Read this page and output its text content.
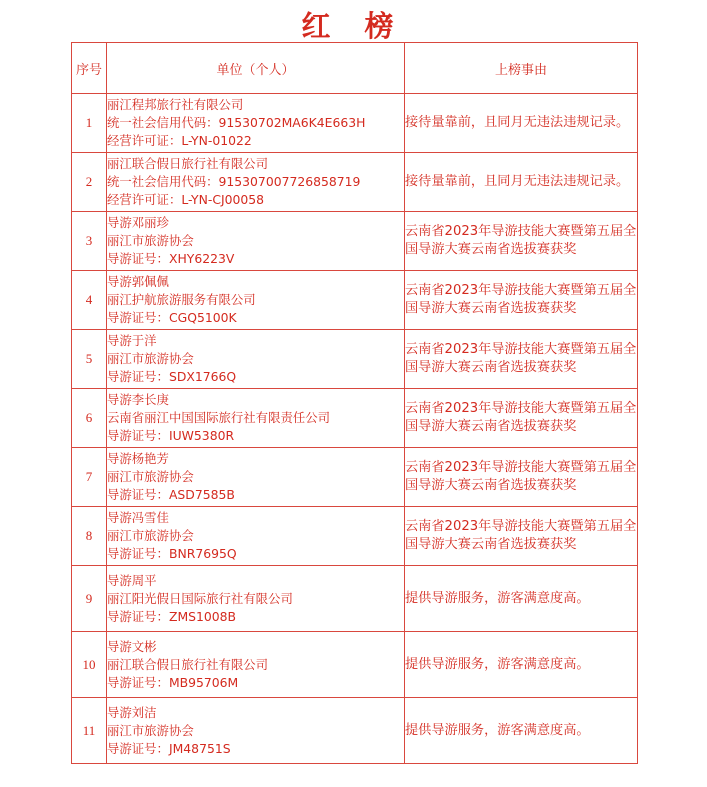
红 榜
序号	单位（个人）	上榜事由
1	丽江程邦旅行社有限公司
统一社会信用代码：91530702MA6K4E663H
经营许可证：L-YN-01022	接待量靠前，且同月无违法违规记录。
2	丽江联合假日旅行社有限公司
统一社会信用代码：915307007726858719
经营许可证：L-YN-CJ00058	接待量靠前，且同月无违法违规记录。
3	导游邓丽珍
丽江市旅游协会
导游证号：XHY6223V	云南省2023年导游技能大赛暨第五届全国导游大赛云南省选拔赛获奖
4	导游郭佩佩
丽江护航旅游服务有限公司
导游证号：CGQ5100K	云南省2023年导游技能大赛暨第五届全国导游大赛云南省选拔赛获奖
5	导游于洋
丽江市旅游协会
导游证号：SDX1766Q	云南省2023年导游技能大赛暨第五届全国导游大赛云南省选拔赛获奖
6	导游李长庚
云南省丽江中国国际旅行社有限责任公司
导游证号：IUW5380R	云南省2023年导游技能大赛暨第五届全国导游大赛云南省选拔赛获奖
7	导游杨艳芳
丽江市旅游协会
导游证号：ASD7585B	云南省2023年导游技能大赛暨第五届全国导游大赛云南省选拔赛获奖
8	导游冯雪佳
丽江市旅游协会
导游证号：BNR7695Q	云南省2023年导游技能大赛暨第五届全国导游大赛云南省选拔赛获奖
9	导游周平
丽江阳光假日国际旅行社有限公司
导游证号：ZMS1008B	提供导游服务，游客满意度高。
10	导游文彬
丽江联合假日旅行社有限公司
导游证号：MB95706M	提供导游服务，游客满意度高。
11	导游刘洁
丽江市旅游协会
导游证号：JM48751S	提供导游服务，游客满意度高。
